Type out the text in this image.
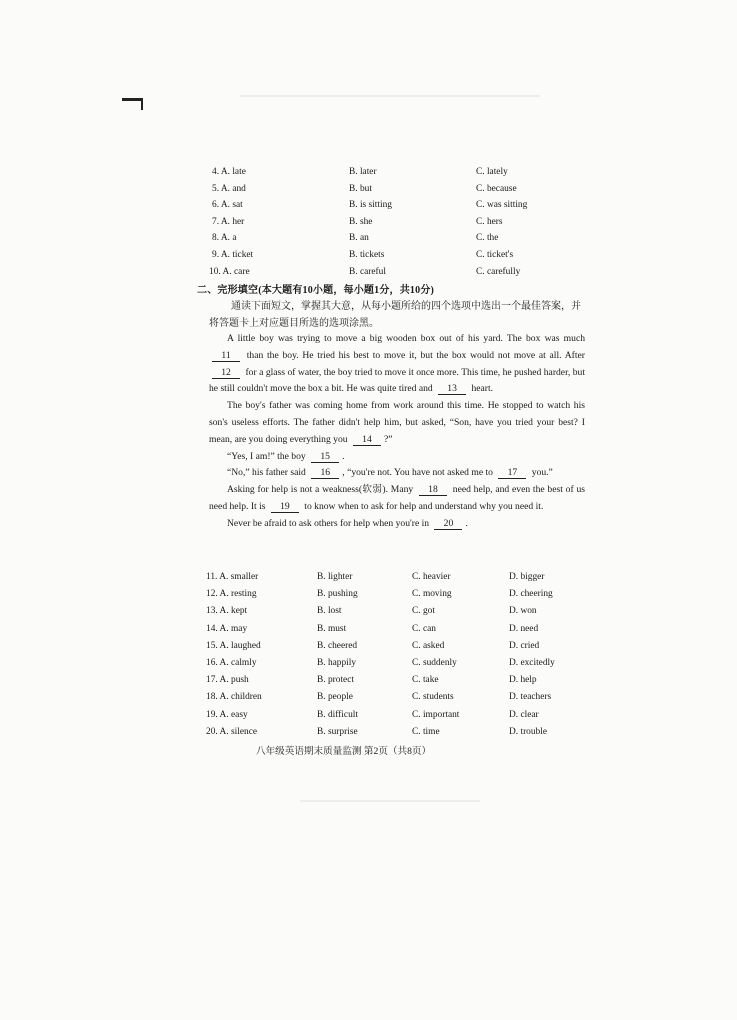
4. A. late	B. later	C. lately
5. A. and	B. but	C. because
6. A. sat	B. is sitting	C. was sitting
7. A. her	B. she	C. hers
8. A. a	B. an	C. the
9. A. ticket	B. tickets	C. ticket's
10. A. care	B. careful	C. carefully
二、完形填空(本大题有10小题，每小题1分，共10分)
通读下面短文，掌握其大意，从每小题所给的四个选项中选出一个最佳答案，并将答题卡上对应题目所选的选项涂黑。

A little boy was trying to move a big wooden box out of his yard. The box was much 11 than the boy. He tried his best to move it, but the box would not move at all. After 12 for a glass of water, the boy tried to move it once more. This time, he pushed harder, but he still couldn't move the box a bit. He was quite tired and 13 heart.

The boy's father was coming home from work around this time. He stopped to watch his son's useless efforts. The father didn't help him, but asked, “Son, have you tried your best? I mean, are you doing everything you 14 ?”

“Yes, I am!” the boy 15 .

“No,” his father said 16 , “you're not. You have not asked me to 17 you.”

Asking for help is not a weakness(软弱). Many 18 need help, and even the best of us need help. It is 19 to know when to ask for help and understand why you need it.

Never be afraid to ask others for help when you're in 20 .

11. A. smaller	B. lighter	C. heavier	D. bigger
12. A. resting	B. pushing	C. moving	D. cheering
13. A. kept	B. lost	C. got	D. won
14. A. may	B. must	C. can	D. need
15. A. laughed	B. cheered	C. asked	D. cried
16. A. calmly	B. happily	C. suddenly	D. excitedly
17. A. push	B. protect	C. take	D. help
18. A. children	B. people	C. students	D. teachers
19. A. easy	B. difficult	C. important	D. clear
20. A. silence	B. surprise	C. time	D. trouble
八年级英语期末质量监测 第2页（共8页）
